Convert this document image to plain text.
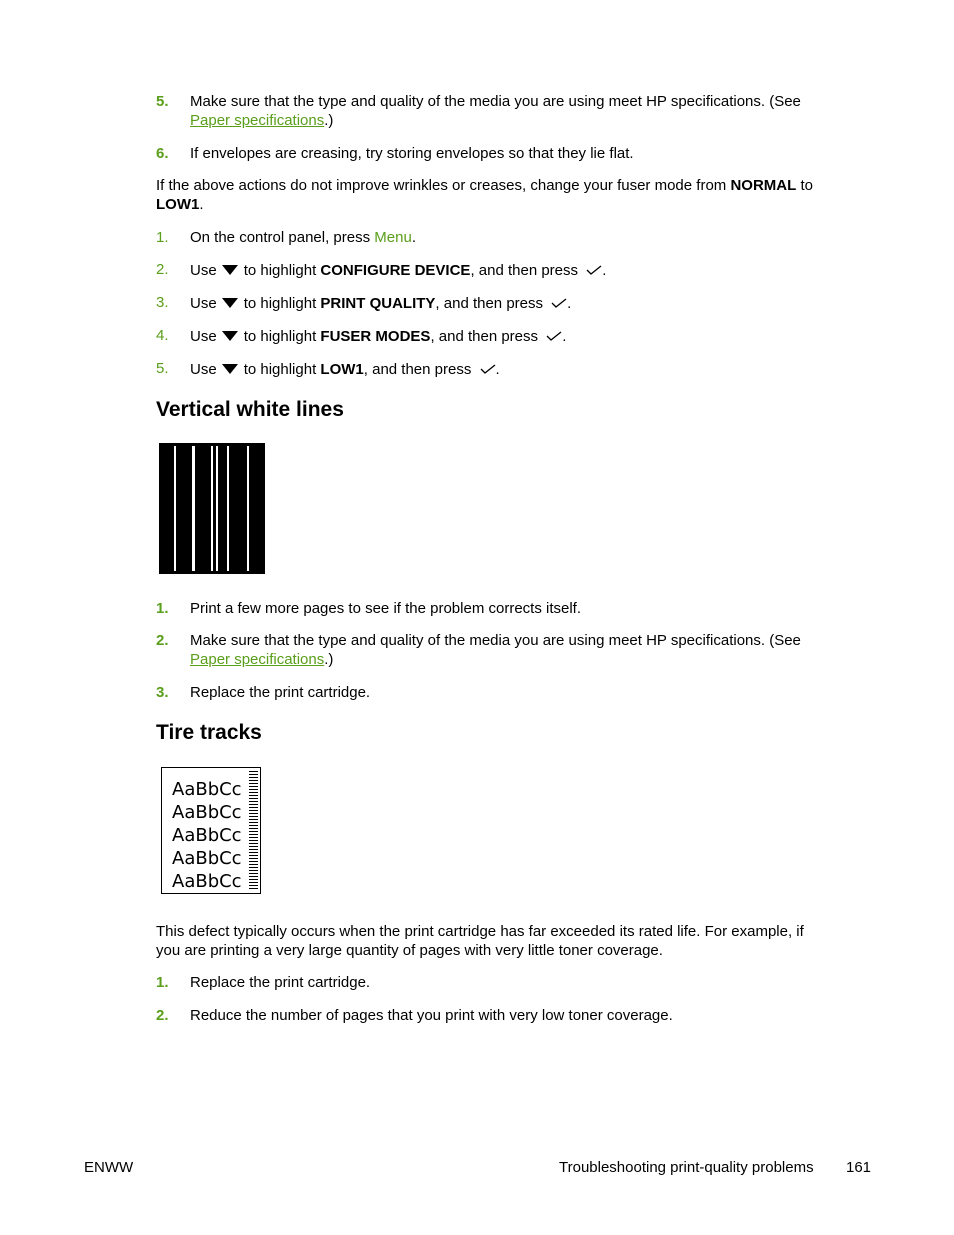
5.	Make sure that the type and quality of the media you are using meet HP specifications. (See
Paper specifications.)
6.	If envelopes are creasing, try storing envelopes so that they lie flat.
If the above actions do not improve wrinkles or creases, change your fuser mode from NORMAL to
LOW1.
1.	On the control panel, press Menu.
2.	Use to highlight CONFIGURE DEVICE, and then press .
3.	Use to highlight PRINT QUALITY, and then press .
4.	Use to highlight FUSER MODES, and then press .
5.	Use to highlight LOW1, and then press .
Vertical white lines
1.	Print a few more pages to see if the problem corrects itself.
2.	Make sure that the type and quality of the media you are using meet HP specifications. (See
Paper specifications.)
3.	Replace the print cartridge.
Tire tracks
AaBbCc
AaBbCc
AaBbCc
AaBbCc
AaBbCc
This defect typically occurs when the print cartridge has far exceeded its rated life. For example, if
you are printing a very large quantity of pages with very little toner coverage.
1.	Replace the print cartridge.
2.	Reduce the number of pages that you print with very low toner coverage.
ENWW	Troubleshooting print-quality problems 161
